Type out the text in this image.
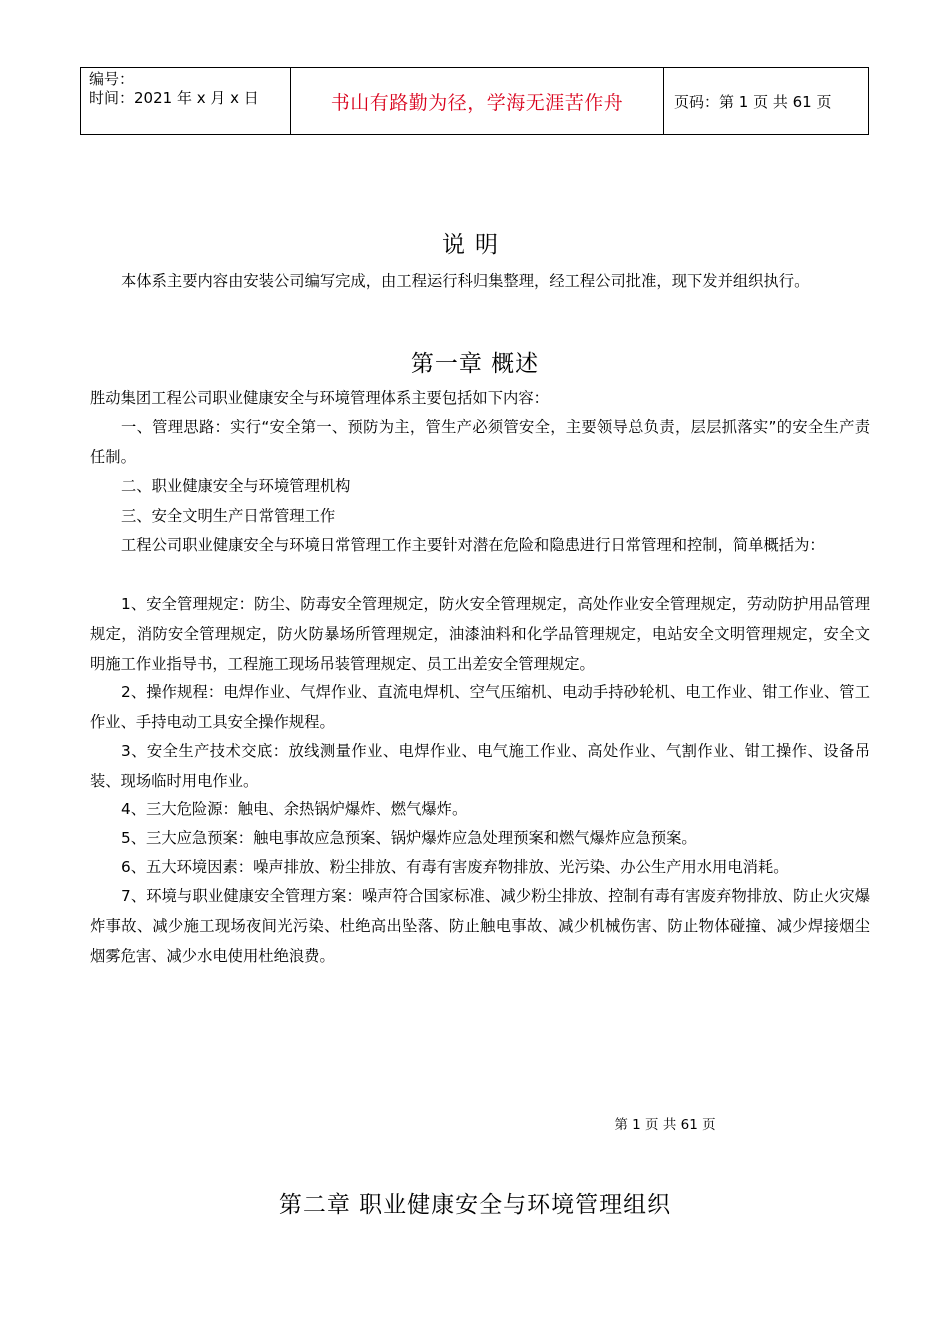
编号：
时间：2021 年 x 月 x 日	书山有路勤为径，学海无涯苦作舟	页码：第 1 页 共 61 页
说明
本体系主要内容由安装公司编写完成，由工程运行科归集整理，经工程公司批准，现下发并组织执行。
第一章 概述
胜动集团工程公司职业健康安全与环境管理体系主要包括如下内容：
一、管理思路：实行“安全第一、预防为主，管生产必须管安全，主要领导总负责，层层抓落实”的安全生产责任制。
二、职业健康安全与环境管理机构
三、安全文明生产日常管理工作
工程公司职业健康安全与环境日常管理工作主要针对潜在危险和隐患进行日常管理和控制，简单概括为：
1、安全管理规定：防尘、防毒安全管理规定，防火安全管理规定，高处作业安全管理规定，劳动防护用品管理规定，消防安全管理规定，防火防暴场所管理规定，油漆油料和化学品管理规定，电站安全文明管理规定，安全文明施工作业指导书，工程施工现场吊装管理规定、员工出差安全管理规定。
2、操作规程：电焊作业、气焊作业、直流电焊机、空气压缩机、电动手持砂轮机、电工作业、钳工作业、管工作业、手持电动工具安全操作规程。
3、安全生产技术交底：放线测量作业、电焊作业、电气施工作业、高处作业、气割作业、钳工操作、设备吊装、现场临时用电作业。
4、三大危险源：触电、余热锅炉爆炸、燃气爆炸。
5、三大应急预案：触电事故应急预案、锅炉爆炸应急处理预案和燃气爆炸应急预案。
6、五大环境因素：噪声排放、粉尘排放、有毒有害废弃物排放、光污染、办公生产用水用电消耗。
7、环境与职业健康安全管理方案：噪声符合国家标准、减少粉尘排放、控制有毒有害废弃物排放、防止火灾爆炸事故、减少施工现场夜间光污染、杜绝高出坠落、防止触电事故、减少机械伤害、防止物体碰撞、减少焊接烟尘烟雾危害、减少水电使用杜绝浪费。
第 1 页 共 61 页
第二章 职业健康安全与环境管理组织
